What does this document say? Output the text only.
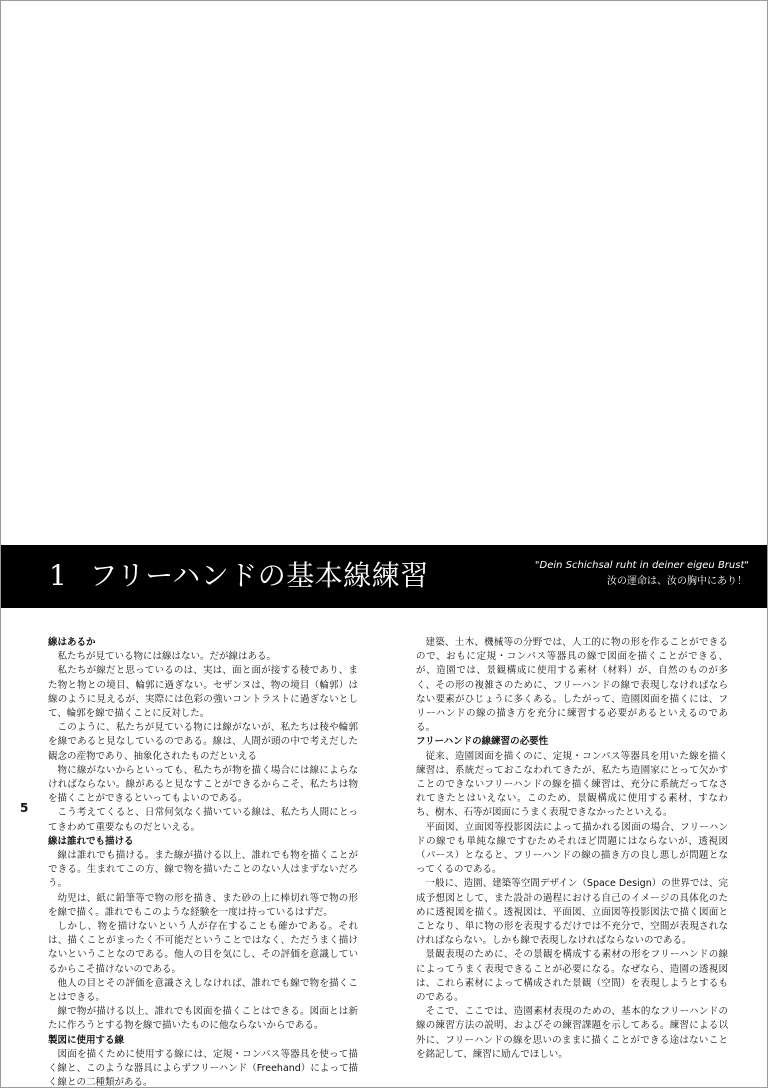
1 フリーハンドの基本線練習	"Dein Schichsal ruht in deiner eigeu Brust"
汝の運命は、汝の胸中にあり！
5
線はあるか

私たちが見ている物には線はない。だが線はある。

私たちが線だと思っているのは、実は、面と面が接する稜であり、また物と物との境目、輪郭に過ぎない。セザンヌは、物の境目（輪郭）は線のように見えるが、実際には色彩の強いコントラストに過ぎないとして、輪郭を線で描くことに反対した。

このように、私たちが見ている物には線がないが、私たちは稜や輪郭を線であると見なしているのである。線は、人間が頭の中で考えだした観念の産物であり、抽象化されたものだといえる

物に線がないからといっても、私たちが物を描く場合には線によらなければならない。線があると見なすことができるからこそ、私たちは物を描くことができるといってもよいのである。

こう考えてくると、日常何気なく描いている線は、私たち人間にとってきわめて重要なものだといえる。

線は誰れでも描ける

線は誰れでも描ける。また線が描ける以上、誰れでも物を描くことができる。生まれてこの方、線で物を描いたことのない人はまずないだろう。

幼児は、紙に鉛筆等で物の形を描き、また砂の上に棒切れ等で物の形を線で描く。誰れでもこのような経験を一度は持っているはずだ。

しかし、物を描けないという人が存在することも確かである。それは、描くことがまったく不可能だということではなく、ただうまく描けないということなのである。他人の目を気にし、その評価を意識しているからこそ描けないのである。

他人の目とその評価を意識さえしなければ、誰れでも線で物を描くことはできる。

線で物が描ける以上、誰れでも図面を描くことはできる。図面とは新たに作ろうとする物を線で描いたものに他ならないからである。

製図に使用する線

図面を描くために使用する線には、定規・コンパス等器具を使って描く線と、このような器具によらずフリーハンド（Freehand）によって描く線との二種類がある。

建築、土木、機械等の分野では、人工的に物の形を作ることができるので、おもに定規・コンパス等器具の線で図面を描くことができる、が、造園では、景観構成に使用する素材（材料）が、自然のものが多く、その形の複雑さのために、フリーハンドの線で表現しなければならない要素がひじょうに多くある。したがって、造園図面を描くには、フリーハンドの線の描き方を充分に練習する必要があるといえるのである。

フリーハンドの線練習の必要性

従来、造園図面を描くのに、定規・コンパス等器具を用いた線を描く練習は、系統だっておこなわれてきたが、私たち造園家にとって欠かすことのできないフリーハンドの線を描く練習は、充分に系統だってなされてきたとはいえない。このため、景観構成に使用する素材、すなわち、樹木、石等が図面にうまく表現できなかったといえる。

平面図、立面図等投影図法によって描かれる図面の場合、フリーハンドの線でも単純な線ですむためそれほど問題にはならないが、透視図（パース）となると、フリーハンドの線の描き方の良し悪しが問題となってくるのである。

一般に、造園、建築等空間デザイン（Space Design）の世界では、完成予想図として、また設計の過程における自己のイメージの具体化のために透視図を描く。透視図は、平面図、立面図等投影図法で描く図面とことなり、単に物の形を表現するだけでは不充分で、空間が表現されなければならない。しかも線で表現しなければならないのである。

景観表現のために、その景観を構成する素材の形をフリーハンドの線によってうまく表現できることが必要になる。なぜなら、造園の透視図は、これら素材によって構成された景観（空間）を表現しようとするものである。

そこで、ここでは、造園素材表現のための、基本的なフリーハンドの線の練習方法の説明、およびその練習課題を示してある。練習による以外に、フリーハンドの線を思いのままに描くことができる途はないことを銘記して、練習に励んでほしい。
